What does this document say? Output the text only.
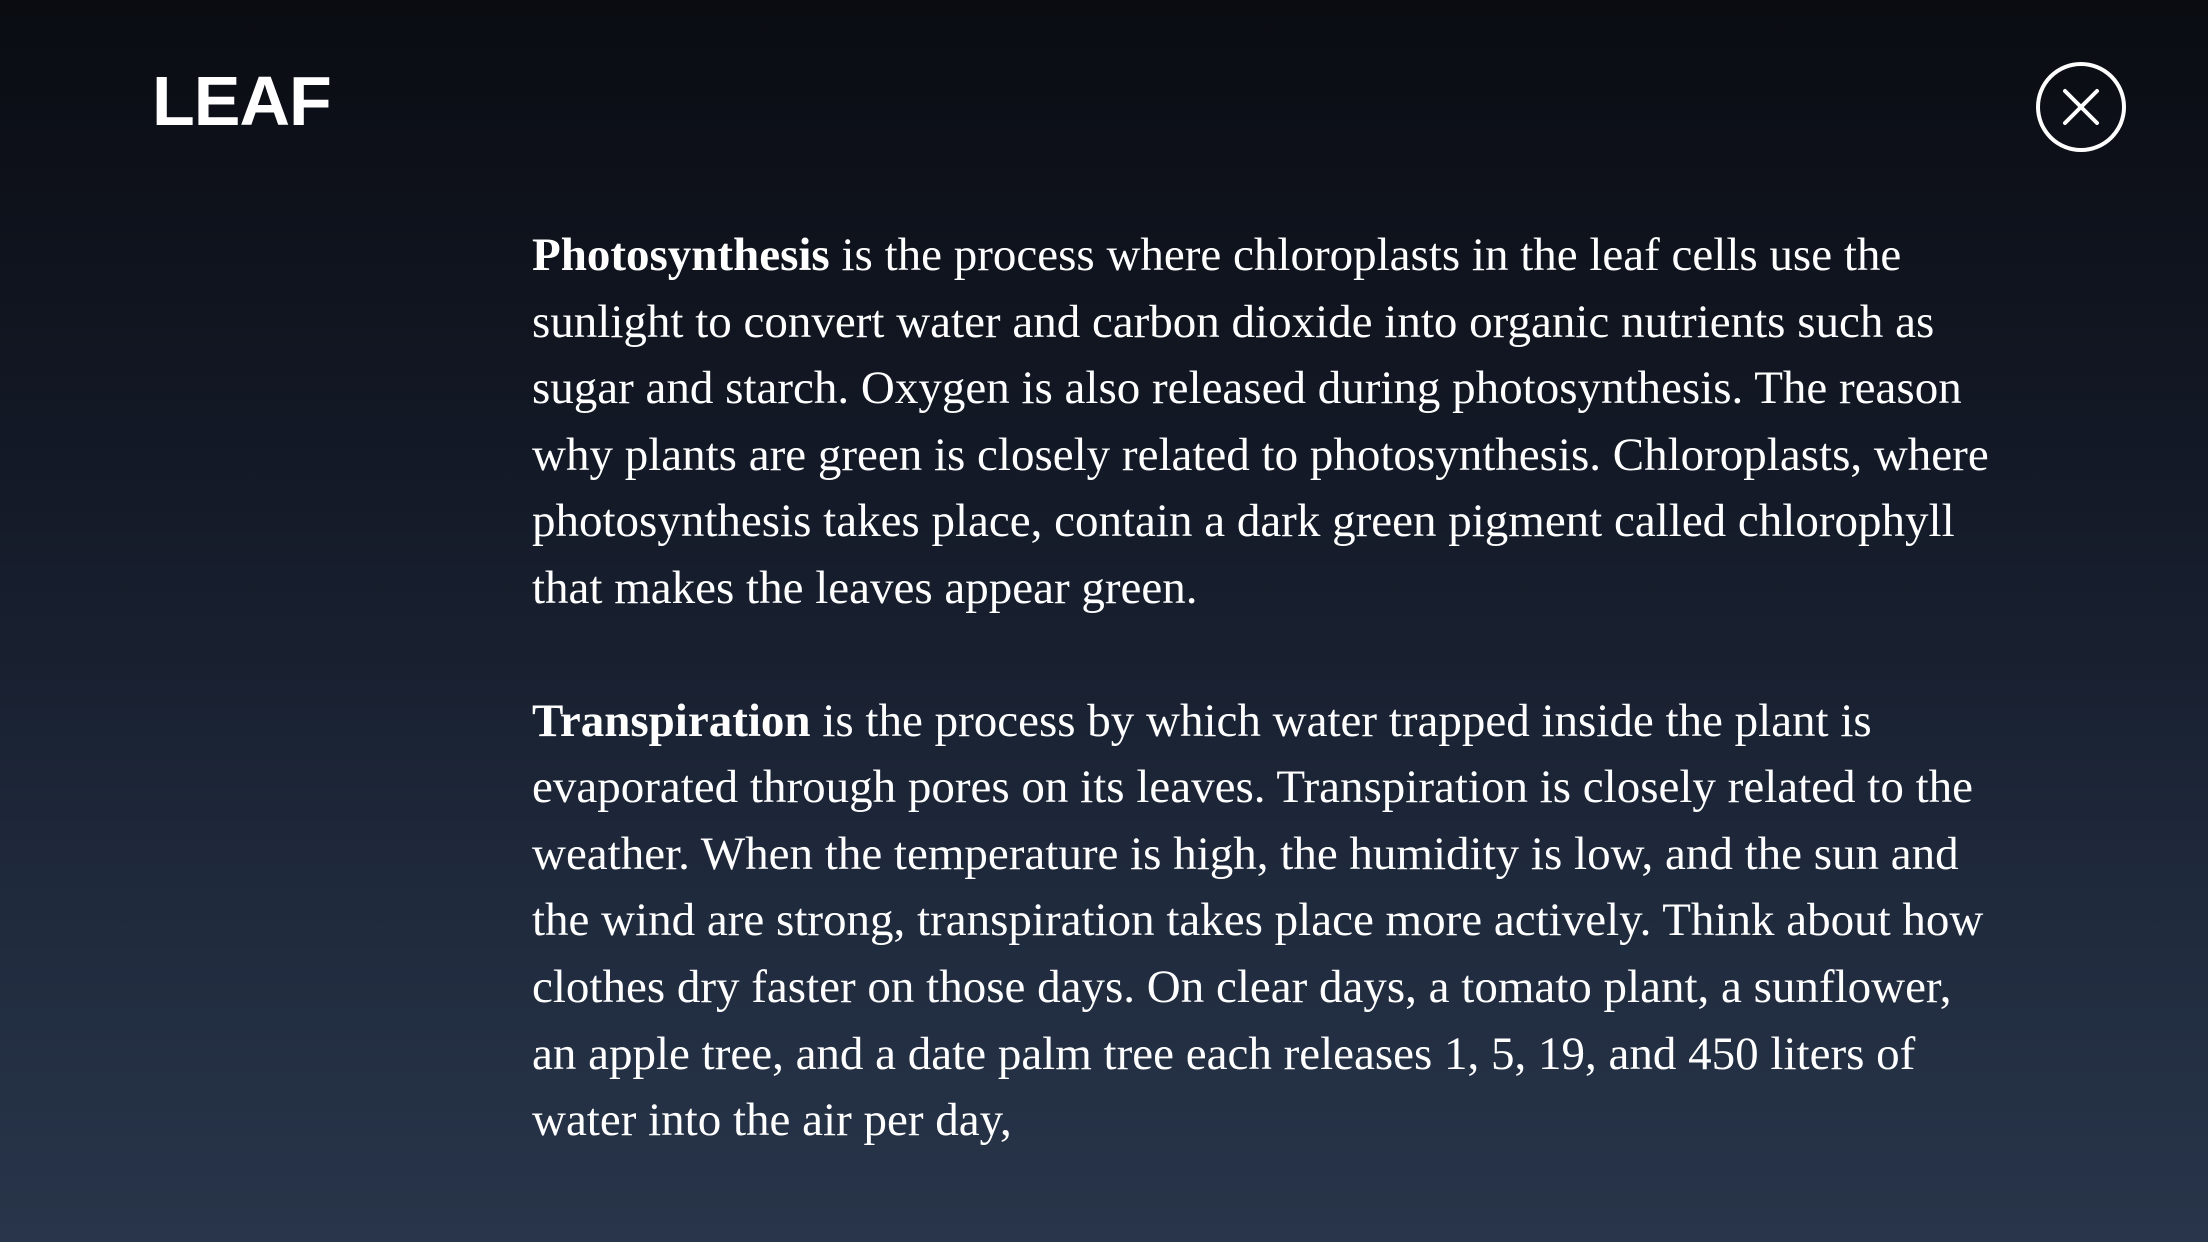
LEAF

Photosynthesis is the process where chloroplasts in the leaf cells use the sunlight to convert water and carbon dioxide into organic nutrients such as sugar and starch. Oxygen is also released during photosynthesis. The reason why plants are green is closely related to photosynthesis. Chloroplasts, where photosynthesis takes place, contain a dark green pigment called chlorophyll that makes the leaves appear green.

Transpiration is the process by which water trapped inside the plant is evaporated through pores on its leaves. Transpiration is closely related to the weather. When the temperature is high, the humidity is low, and the sun and the wind are strong, transpiration takes place more actively. Think about how clothes dry faster on those days. On clear days, a tomato plant, a sunflower, an apple tree, and a date palm tree each releases 1, 5, 19, and 450 liters of water into the air per day,
